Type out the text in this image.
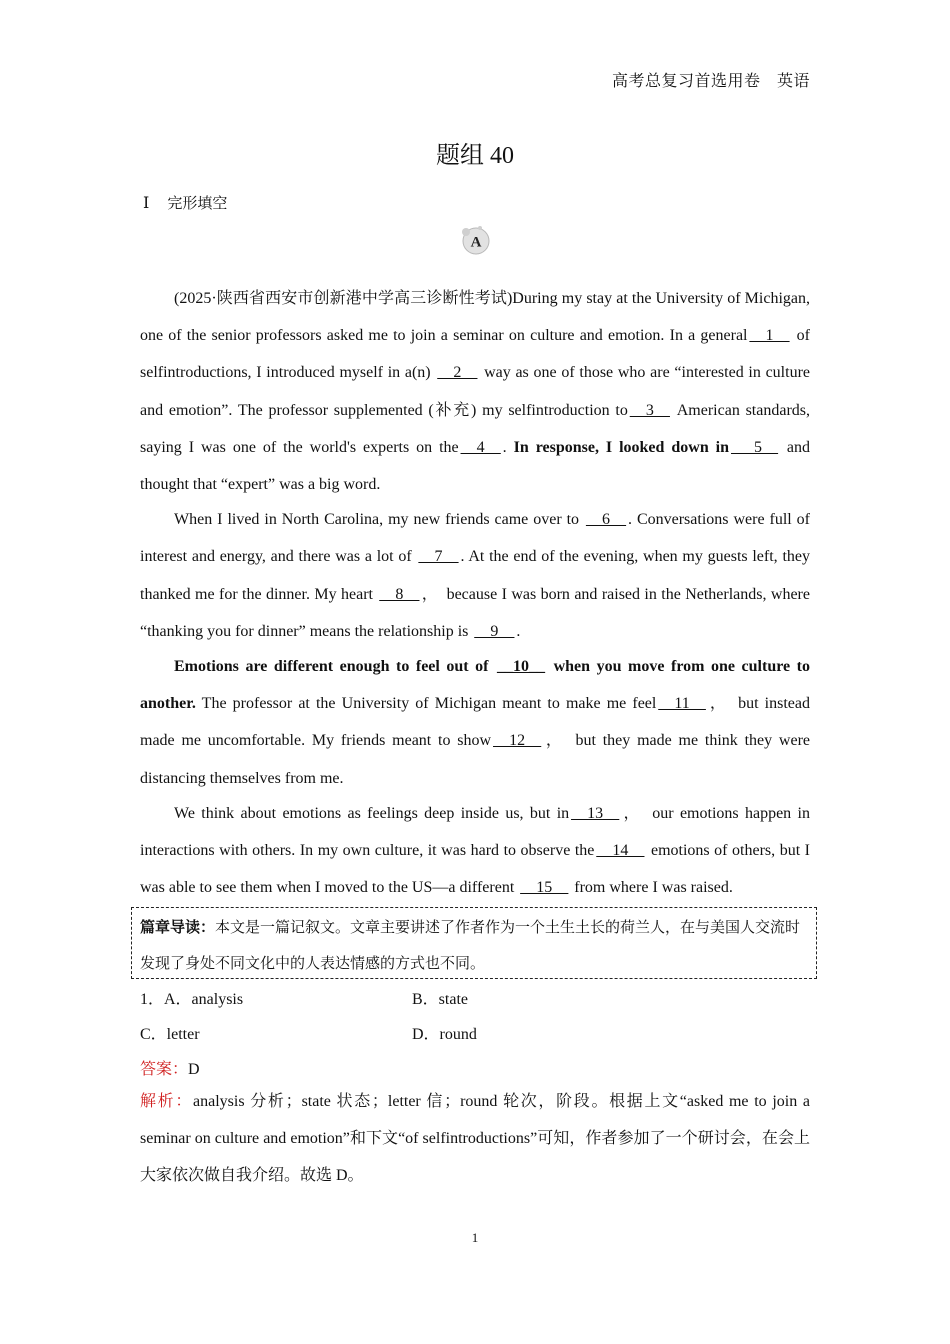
高考总复习首选用卷　英语
题组 40
Ⅰ 完形填空
A

(2025·陕西省西安市创新港中学高三诊断性考试)During my stay at the University of Michigan, one of the senior professors asked me to join a seminar on culture and emotion. In a general __1__ of selfintroductions, I introduced myself in a(n) __2__ way as one of those who are “interested in culture and emotion”. The professor supplemented (补充) my selfintroduction to __3__ American standards, saying I was one of the world's experts on the __4__ . In response, I looked down in __5__ and thought that “expert” was a big word.

When I lived in North Carolina, my new friends came over to __6__ . Conversations were full of interest and energy, and there was a lot of __7__ . At the end of the evening, when my guests left, they thanked me for the dinner. My heart __8__ ，　because I was born and raised in the Netherlands, where “thanking you for dinner” means the relationship is __9__ .

Emotions are different enough to feel out of __10__ when you move from one culture to another. The professor at the University of Michigan meant to make me feel __11__ ，　but instead made me uncomfortable. My friends meant to show __12__ ，　but they made me think they were distancing themselves from me.

We think about emotions as feelings deep inside us, but in __13__ ，　our emotions happen in interactions with others. In my own culture, it was hard to observe the __14__ emotions of others, but I was able to see them when I moved to the US—a different __15__ from where I was raised.

篇章导读：本文是一篇记叙文。文章主要讲述了作者作为一个土生土长的荷兰人，在与美国人交流时发现了身处不同文化中的人表达情感的方式也不同。
1．A．analysis	B．state
C．letter	D．round
答案：D
解析：analysis 分析；state 状态；letter 信；round 轮次，阶段。根据上文“asked me to join a seminar on culture and emotion”和下文“of selfintroductions”可知，作者参加了一个研讨会，在会上大家依次做自我介绍。故选 D。
1
